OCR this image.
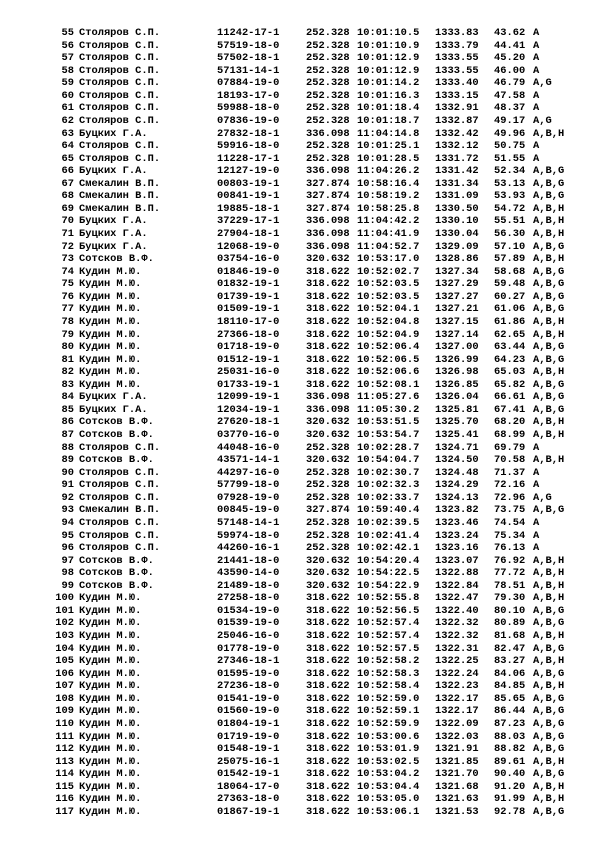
55 Столяров С.П.	11242-17-1	252.328 10:01:10.5 1333.83 43.62 A
56 Столяров С.П.	57519-18-0	252.328 10:01:10.9 1333.79 44.41 A
57 Столяров С.П.	57502-18-1	252.328 10:01:12.9 1333.55 45.20 A
58 Столяров С.П.	57131-14-1	252.328 10:01:12.9 1333.55 46.00 A
59 Столяров С.П.	07884-19-0	252.328 10:01:14.2 1333.40 46.79 A,G
60 Столяров С.П.	18193-17-0	252.328 10:01:16.3 1333.15 47.58 A
61 Столяров С.П.	59988-18-0	252.328 10:01:18.4 1332.91 48.37 A
62 Столяров С.П.	07836-19-0	252.328 10:01:18.7 1332.87 49.17 A,G
63 Буцких Г.А.	27832-18-1	336.098 11:04:14.8 1332.42 49.96 A,B,H
64 Столяров С.П.	59916-18-0	252.328 10:01:25.1 1332.12 50.75 A
65 Столяров С.П.	11228-17-1	252.328 10:01:28.5 1331.72 51.55 A
66 Буцких Г.А.	12127-19-0	336.098 11:04:26.2 1331.42 52.34 A,B,G
67 Смекалин В.П.	00803-19-1	327.874 10:58:16.4 1331.34 53.13 A,B,G
68 Смекалин В.П.	00841-19-1	327.874 10:58:19.2 1331.09 53.93 A,B,G
69 Смекалин В.П.	19885-18-1	327.874 10:58:25.8 1330.50 54.72 A,B,H
70 Буцких Г.А.	37229-17-1	336.098 11:04:42.2 1330.10 55.51 A,B,H
71 Буцких Г.А.	27904-18-1	336.098 11:04:41.9 1330.04 56.30 A,B,H
72 Буцких Г.А.	12068-19-0	336.098 11:04:52.7 1329.09 57.10 A,B,G
73 Сотсков В.Ф.	03754-16-0	320.632 10:53:17.0 1328.86 57.89 A,B,H
74 Кудин М.Ю.	01846-19-0	318.622 10:52:02.7 1327.34 58.68 A,B,G
75 Кудин М.Ю.	01832-19-1	318.622 10:52:03.5 1327.29 59.48 A,B,G
76 Кудин М.Ю.	01739-19-1	318.622 10:52:03.5 1327.27 60.27 A,B,G
77 Кудин М.Ю.	01509-19-1	318.622 10:52:04.1 1327.21 61.06 A,B,G
78 Кудин М.Ю.	18110-17-0	318.622 10:52:04.8 1327.15 61.86 A,B,H
79 Кудин М.Ю.	27366-18-0	318.622 10:52:04.9 1327.14 62.65 A,B,H
80 Кудин М.Ю.	01718-19-0	318.622 10:52:06.4 1327.00 63.44 A,B,G
81 Кудин М.Ю.	01512-19-1	318.622 10:52:06.5 1326.99 64.23 A,B,G
82 Кудин М.Ю.	25031-16-0	318.622 10:52:06.6 1326.98 65.03 A,B,H
83 Кудин М.Ю.	01733-19-1	318.622 10:52:08.1 1326.85 65.82 A,B,G
84 Буцких Г.А.	12099-19-1	336.098 11:05:27.6 1326.04 66.61 A,B,G
85 Буцких Г.А.	12034-19-1	336.098 11:05:30.2 1325.81 67.41 A,B,G
86 Сотсков В.Ф.	27620-18-1	320.632 10:53:51.5 1325.70 68.20 A,B,H
87 Сотсков В.Ф.	03770-16-0	320.632 10:53:54.7 1325.41 68.99 A,B,H
88 Столяров С.П.	44048-16-0	252.328 10:02:28.7 1324.71 69.79 A
89 Сотсков В.Ф.	43571-14-1	320.632 10:54:04.7 1324.50 70.58 A,B,H
90 Столяров С.П.	44297-16-0	252.328 10:02:30.7 1324.48 71.37 A
91 Столяров С.П.	57799-18-0	252.328 10:02:32.3 1324.29 72.16 A
92 Столяров С.П.	07928-19-0	252.328 10:02:33.7 1324.13 72.96 A,G
93 Смекалин В.П.	00845-19-0	327.874 10:59:40.4 1323.82 73.75 A,B,G
94 Столяров С.П.	57148-14-1	252.328 10:02:39.5 1323.46 74.54 A
95 Столяров С.П.	59974-18-0	252.328 10:02:41.4 1323.24 75.34 A
96 Столяров С.П.	44260-16-1	252.328 10:02:42.1 1323.16 76.13 A
97 Сотсков В.Ф.	21441-18-0	320.632 10:54:20.4 1323.07 76.92 A,B,H
98 Сотсков В.Ф.	43590-14-0	320.632 10:54:22.5 1322.88 77.72 A,B,H
99 Сотсков В.Ф.	21489-18-0	320.632 10:54:22.9 1322.84 78.51 A,B,H
100 Кудин М.Ю.	27258-18-0	318.622 10:52:55.8 1322.47 79.30 A,B,H
101 Кудин М.Ю.	01534-19-0	318.622 10:52:56.5 1322.40 80.10 A,B,G
102 Кудин М.Ю.	01539-19-0	318.622 10:52:57.4 1322.32 80.89 A,B,G
103 Кудин М.Ю.	25046-16-0	318.622 10:52:57.4 1322.32 81.68 A,B,H
104 Кудин М.Ю.	01778-19-0	318.622 10:52:57.5 1322.31 82.47 A,B,G
105 Кудин М.Ю.	27346-18-1	318.622 10:52:58.2 1322.25 83.27 A,B,H
106 Кудин М.Ю.	01595-19-0	318.622 10:52:58.3 1322.24 84.06 A,B,G
107 Кудин М.Ю.	27236-18-0	318.622 10:52:58.4 1322.23 84.85 A,B,H
108 Кудин М.Ю.	01541-19-0	318.622 10:52:59.0 1322.17 85.65 A,B,G
109 Кудин М.Ю.	01560-19-0	318.622 10:52:59.1 1322.17 86.44 A,B,G
110 Кудин М.Ю.	01804-19-1	318.622 10:52:59.9 1322.09 87.23 A,B,G
111 Кудин М.Ю.	01719-19-0	318.622 10:53:00.6 1322.03 88.03 A,B,G
112 Кудин М.Ю.	01548-19-1	318.622 10:53:01.9 1321.91 88.82 A,B,G
113 Кудин М.Ю.	25075-16-1	318.622 10:53:02.5 1321.85 89.61 A,B,H
114 Кудин М.Ю.	01542-19-1	318.622 10:53:04.2 1321.70 90.40 A,B,G
115 Кудин М.Ю.	18064-17-0	318.622 10:53:04.4 1321.68 91.20 A,B,H
116 Кудин М.Ю.	27363-18-0	318.622 10:53:05.0 1321.63 91.99 A,B,H
117 Кудин М.Ю.	01867-19-1	318.622 10:53:06.1 1321.53 92.78 A,B,G
